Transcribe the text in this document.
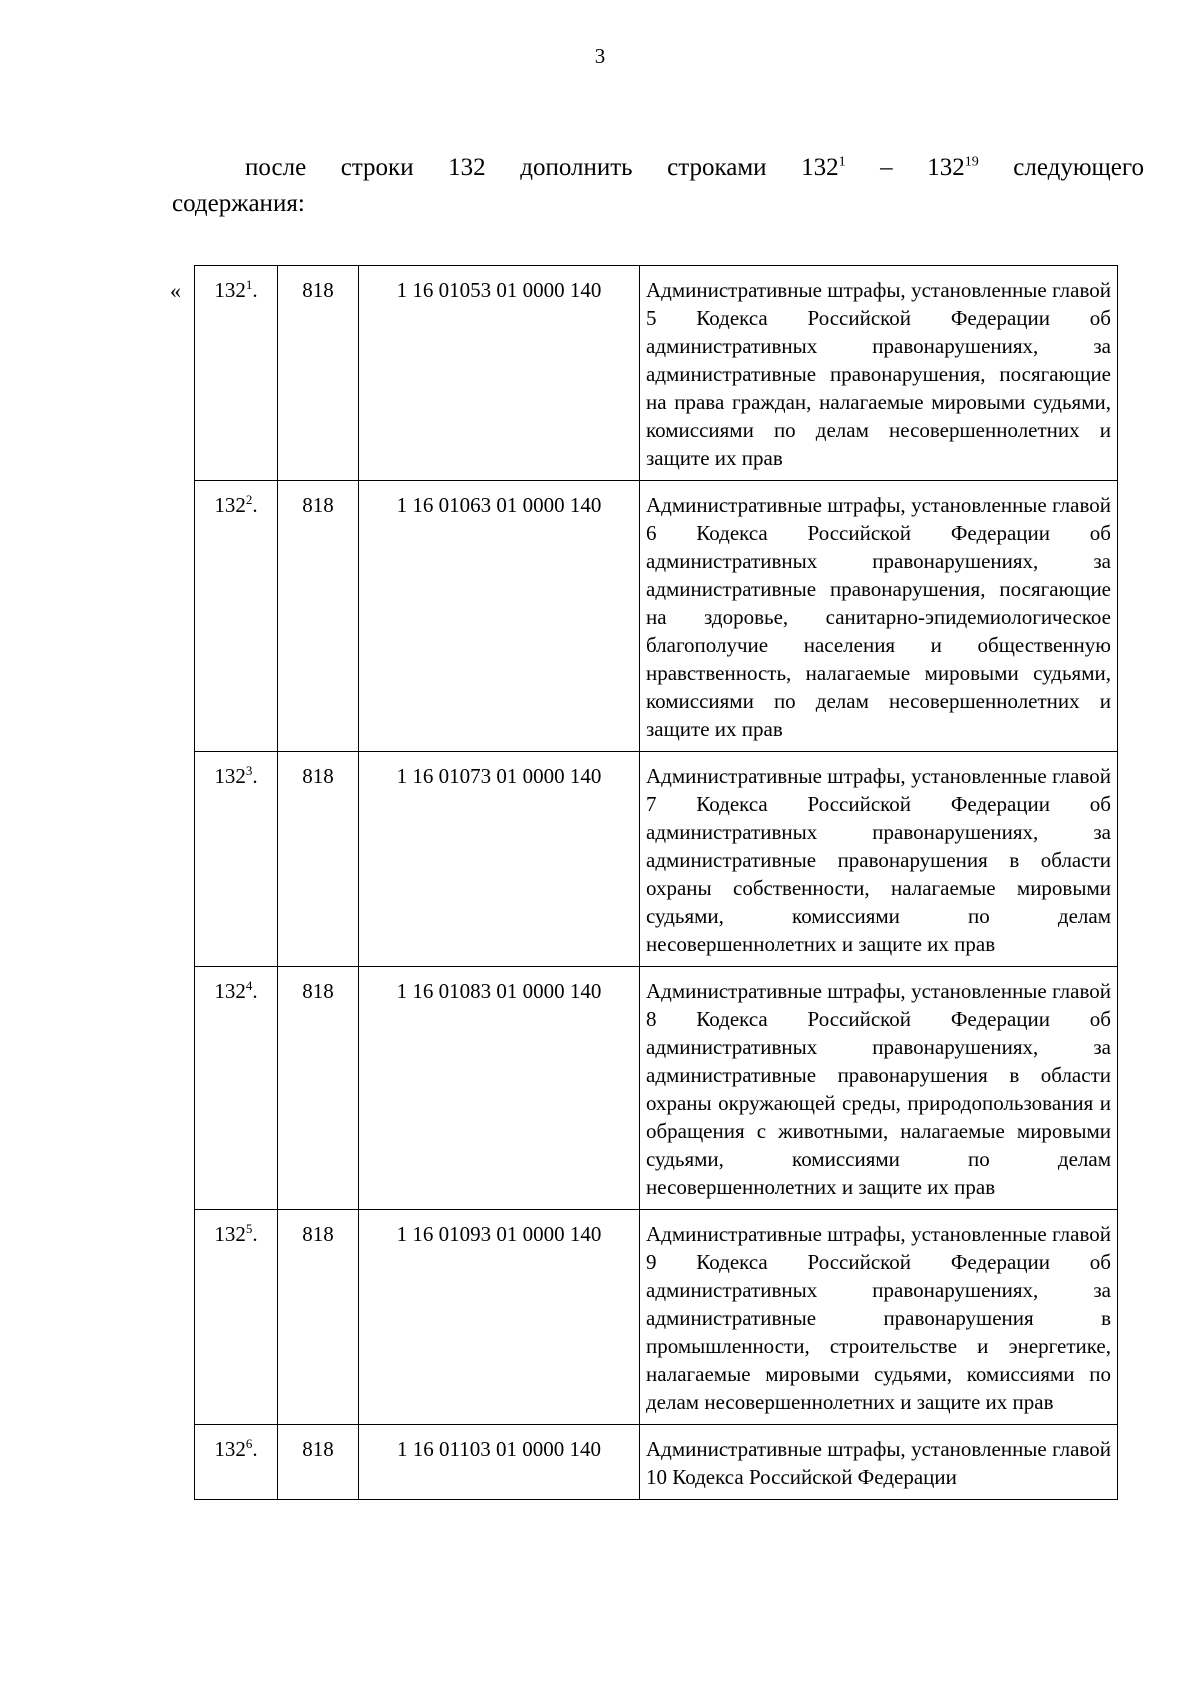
3
после строки 132 дополнить строками $132^1 - 132^{19}$ следующего
содержания:
« $132^1$.	818	1 16 01053 01 0000 140	Административные штрафы, установленные главой 5 Кодекса Российской Федерации об административных правонарушениях, за административные правонарушения, посягающие на права граждан, налагаемые мировыми судьями, комиссиями по делам несовершеннолетних и защите их прав
$132^2$.	818	1 16 01063 01 0000 140	Административные штрафы, установленные главой 6 Кодекса Российской Федерации об административных правонарушениях, за административные правонарушения, посягающие на здоровье, санитарно-эпидемиологическое благополучие населения и общественную нравственность, налагаемые мировыми судьями, комиссиями по делам несовершеннолетних и защите их прав
$132^3$.	818	1 16 01073 01 0000 140	Административные штрафы, установленные главой 7 Кодекса Российской Федерации об административных правонарушениях, за административные правонарушения в области охраны собственности, налагаемые мировыми судьями, комиссиями по делам несовершеннолетних и защите их прав
$132^4$.	818	1 16 01083 01 0000 140	Административные штрафы, установленные главой 8 Кодекса Российской Федерации об административных правонарушениях, за административные правонарушения в области охраны окружающей среды, природопользования и обращения с животными, налагаемые мировыми судьями, комиссиями по делам несовершеннолетних и защите их прав
$132^5$.	818	1 16 01093 01 0000 140	Административные штрафы, установленные главой 9 Кодекса Российской Федерации об административных правонарушениях, за административные правонарушения в промышленности, строительстве и энергетике, налагаемые мировыми судьями, комиссиями по делам несовершеннолетних и защите их прав
$132^6$.	818	1 16 01103 01 0000 140	Административные штрафы, установленные главой 10 Кодекса Российской Федерации
